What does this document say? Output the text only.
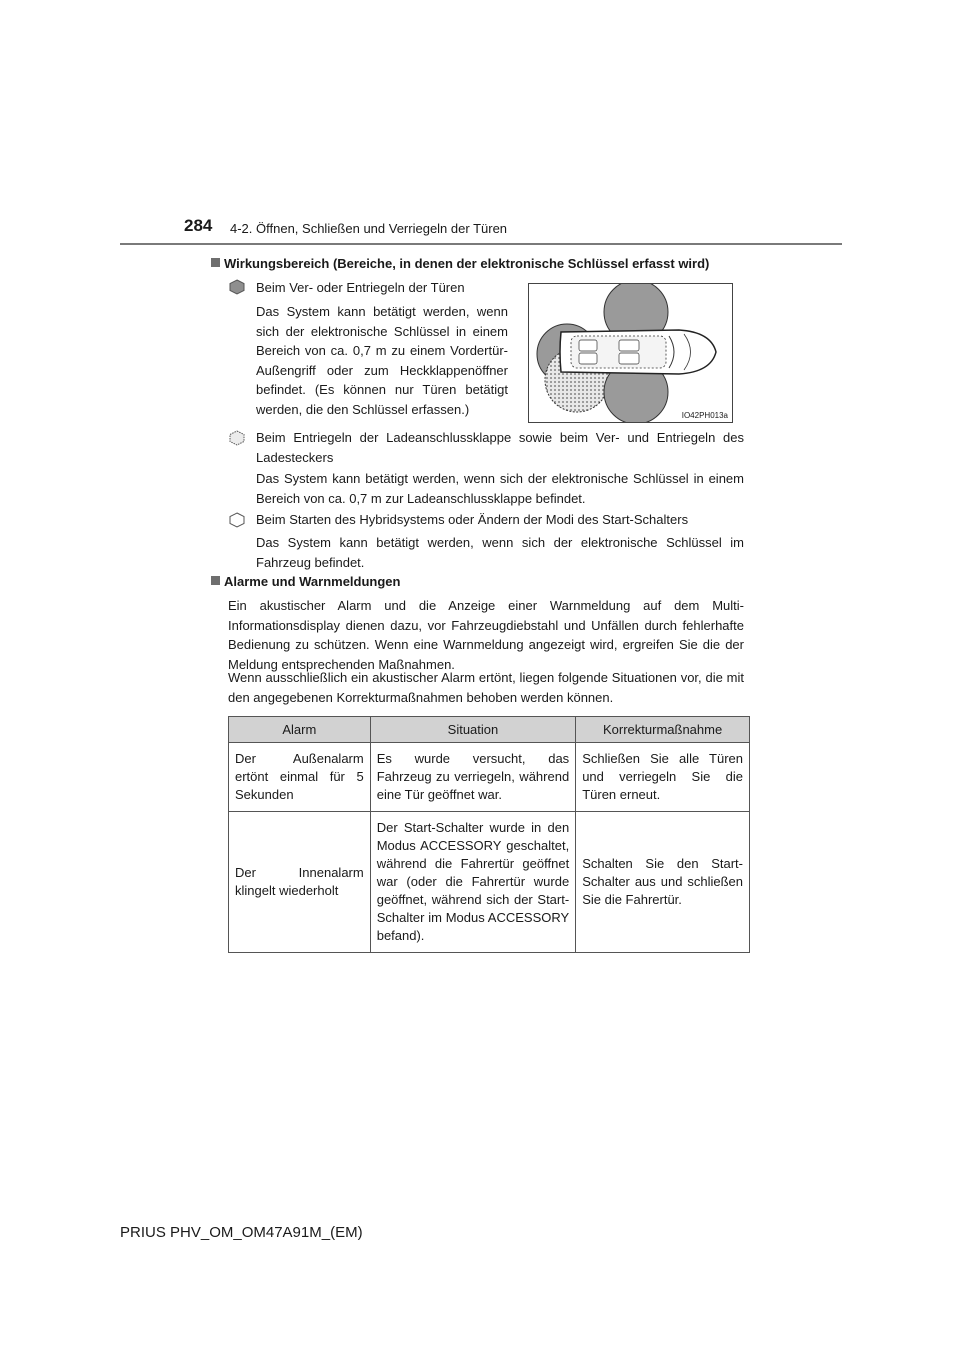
284 4-2. Öffnen, Schließen und Verriegeln der Türen
Wirkungsbereich (Bereiche, in denen der elektronische Schlüssel erfasst wird)
Beim Ver- oder Entriegeln der Türen
Das System kann betätigt werden, wenn sich der elektronische Schlüssel in einem Bereich von ca. 0,7 m zu einem Vordertür-Außengriff oder zum Heckklappenöffner befindet. (Es können nur Türen betätigt werden, die den Schlüssel erfassen.)	IO42PH013a
Beim Entriegeln der Ladeanschlussklappe sowie beim Ver- und Entriegeln des Ladesteckers
Das System kann betätigt werden, wenn sich der elektronische Schlüssel in einem Bereich von ca. 0,7 m zur Ladeanschlussklappe befindet.
Beim Starten des Hybridsystems oder Ändern der Modi des Start-Schalters
Das System kann betätigt werden, wenn sich der elektronische Schlüssel im Fahrzeug befindet.
Alarme und Warnmeldungen
Ein akustischer Alarm und die Anzeige einer Warnmeldung auf dem Multi-Informationsdisplay dienen dazu, vor Fahrzeugdiebstahl und Unfällen durch fehlerhafte Bedienung zu schützen. Wenn eine Warnmeldung angezeigt wird, ergreifen Sie die der Meldung entsprechenden Maßnahmen.
Wenn ausschließlich ein akustischer Alarm ertönt, liegen folgende Situationen vor, die mit den angegebenen Korrekturmaßnahmen behoben werden können.
Alarm	Situation	Korrekturmaßnahme
Der Außenalarm ertönt einmal für 5 Sekunden	Es wurde versucht, das Fahrzeug zu verriegeln, während eine Tür geöffnet war.	Schließen Sie alle Türen und verriegeln Sie die Türen erneut.
Der Innenalarm klingelt wiederholt	Der Start-Schalter wurde in den Modus ACCESSORY geschaltet, während die Fahrertür geöffnet war (oder die Fahrertür wurde geöffnet, während sich der Start-Schalter im Modus ACCESSORY befand).	Schalten Sie den Start-Schalter aus und schließen Sie die Fahrertür.
PRIUS PHV_OM_OM47A91M_(EM)
